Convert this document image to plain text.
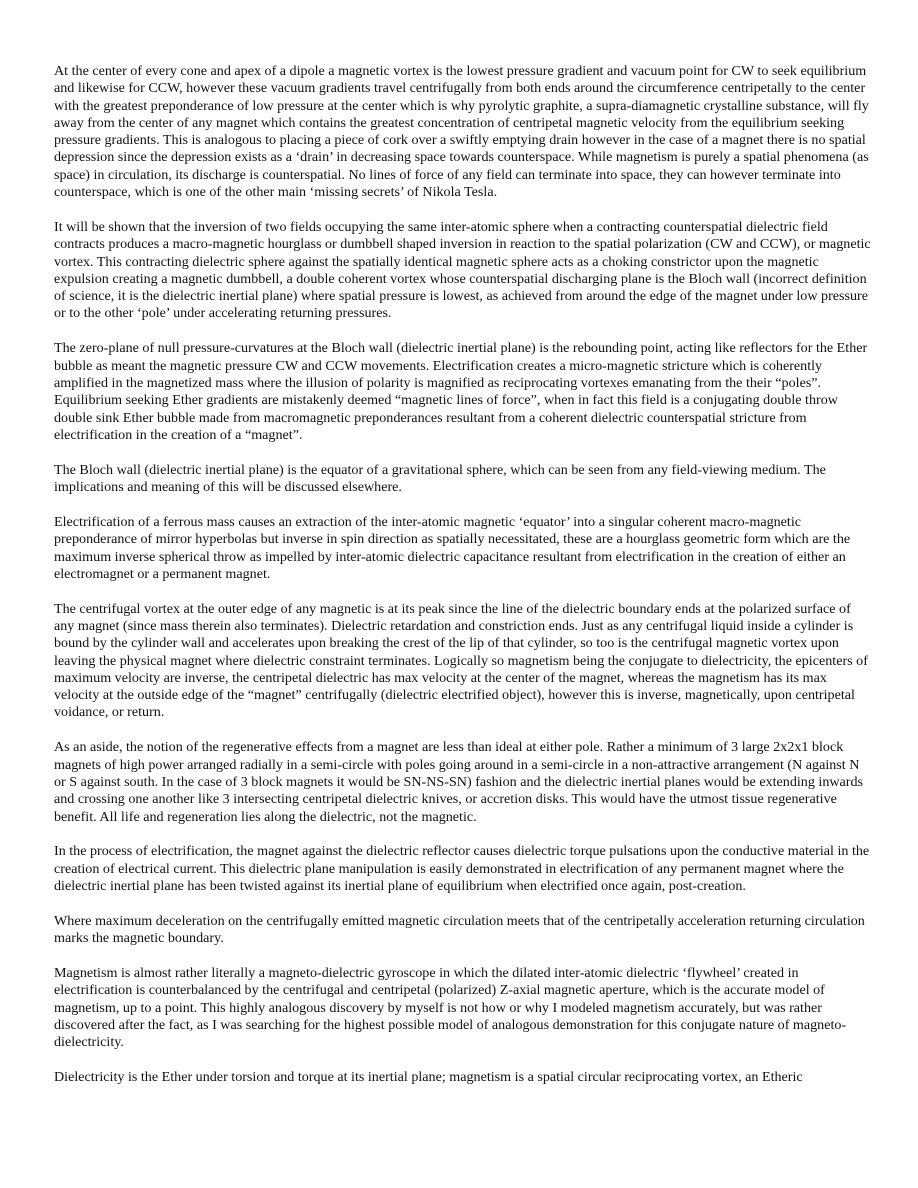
At the center of every cone and apex of a dipole a magnetic vortex is the lowest pressure gradient and vacuum point for CW to seek equilibrium and likewise for CCW, however these vacuum gradients travel centrifugally from both ends around the circumference centripetally to the center with the greatest preponderance of low pressure at the center which is why pyrolytic graphite, a supra-diamagnetic crystalline substance, will fly away from the center of any magnet which contains the greatest concentration of centripetal magnetic velocity from the equilibrium seeking pressure gradients. This is analogous to placing a piece of cork over a swiftly emptying drain however in the case of a magnet there is no spatial depression since the depression exists as a ‘drain’ in decreasing space towards counterspace. While magnetism is purely a spatial phenomena (as space) in circulation, its discharge is counterspatial. No lines of force of any field can terminate into space, they can however terminate into counterspace, which is one of the other main ‘missing secrets’ of Nikola Tesla.

It will be shown that the inversion of two fields occupying the same inter-atomic sphere when a contracting counterspatial dielectric field contracts produces a macro-magnetic hourglass or dumbbell shaped inversion in reaction to the spatial polarization (CW and CCW), or magnetic vortex. This contracting dielectric sphere against the spatially identical magnetic sphere acts as a choking constrictor upon the magnetic expulsion creating a magnetic dumbbell, a double coherent vortex whose counterspatial discharging plane is the Bloch wall (incorrect definition of science, it is the dielectric inertial plane) where spatial pressure is lowest, as achieved from around the edge of the magnet under low pressure or to the other ‘pole’ under accelerating returning pressures.

The zero-plane of null pressure-curvatures at the Bloch wall (dielectric inertial plane) is the rebounding point, acting like reflectors for the Ether bubble as meant the magnetic pressure CW and CCW movements. Electrification creates a micro-magnetic stricture which is coherently amplified in the magnetized mass where the illusion of polarity is magnified as reciprocating vortexes emanating from the their “poles”. Equilibrium seeking Ether gradients are mistakenly deemed “magnetic lines of force”, when in fact this field is a conjugating double throw double sink Ether bubble made from macromagnetic preponderances resultant from a coherent dielectric counterspatial stricture from electrification in the creation of a “magnet”.

The Bloch wall (dielectric inertial plane) is the equator of a gravitational sphere, which can be seen from any field-viewing medium. The implications and meaning of this will be discussed elsewhere.

Electrification of a ferrous mass causes an extraction of the inter-atomic magnetic ‘equator’ into a singular coherent macro-magnetic preponderance of mirror hyperbolas but inverse in spin direction as spatially necessitated, these are a hourglass geometric form which are the maximum inverse spherical throw as impelled by inter-atomic dielectric capacitance resultant from electrification in the creation of either an electromagnet or a permanent magnet.

The centrifugal vortex at the outer edge of any magnetic is at its peak since the line of the dielectric boundary ends at the polarized surface of any magnet (since mass therein also terminates). Dielectric retardation and constriction ends. Just as any centrifugal liquid inside a cylinder is bound by the cylinder wall and accelerates upon breaking the crest of the lip of that cylinder, so too is the centrifugal magnetic vortex upon leaving the physical magnet where dielectric constraint terminates. Logically so magnetism being the conjugate to dielectricity, the epicenters of maximum velocity are inverse, the centripetal dielectric has max velocity at the center of the magnet, whereas the magnetism has its max velocity at the outside edge of the “magnet” centrifugally (dielectric electrified object), however this is inverse, magnetically, upon centripetal voidance, or return.

As an aside, the notion of the regenerative effects from a magnet are less than ideal at either pole. Rather a minimum of 3 large 2x2x1 block magnets of high power arranged radially in a semi-circle with poles going around in a semi-circle in a non-attractive arrangement (N against N or S against south. In the case of 3 block magnets it would be SN-NS-SN) fashion and the dielectric inertial planes would be extending inwards and crossing one another like 3 intersecting centripetal dielectric knives, or accretion disks. This would have the utmost tissue regenerative benefit. All life and regeneration lies along the dielectric, not the magnetic.

In the process of electrification, the magnet against the dielectric reflector causes dielectric torque pulsations upon the conductive material in the creation of electrical current. This dielectric plane manipulation is easily demonstrated in electrification of any permanent magnet where the dielectric inertial plane has been twisted against its inertial plane of equilibrium when electrified once again, post-creation.

Where maximum deceleration on the centrifugally emitted magnetic circulation meets that of the centripetally acceleration returning circulation marks the magnetic boundary.

Magnetism is almost rather literally a magneto-dielectric gyroscope in which the dilated inter-atomic dielectric ‘flywheel’ created in electrification is counterbalanced by the centrifugal and centripetal (polarized) Z-axial magnetic aperture, which is the accurate model of magnetism, up to a point. This highly analogous discovery by myself is not how or why I modeled magnetism accurately, but was rather discovered after the fact, as I was searching for the highest possible model of analogous demonstration for this conjugate nature of magneto-dielectricity.

Dielectricity is the Ether under torsion and torque at its inertial plane; magnetism is a spatial circular reciprocating vortex, an Etheric
